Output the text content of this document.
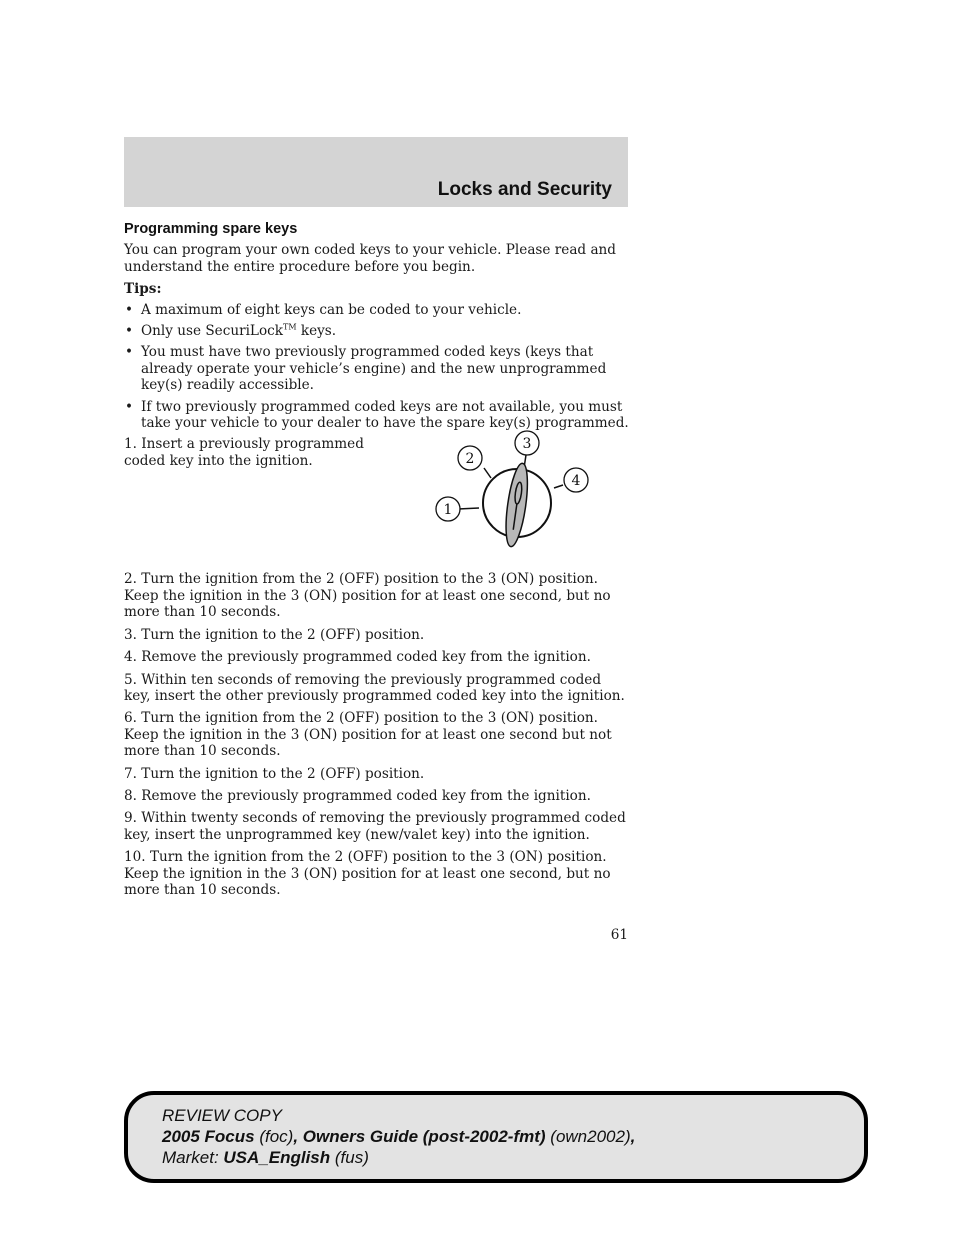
Locks and Security
Programming spare keys

You can program your own coded keys to your vehicle. Please read and understand the entire procedure before you begin.

Tips:

• A maximum of eight keys can be coded to your vehicle.
• Only use SecuriLock™ keys.
• You must have two previously programmed coded keys (keys that already operate your vehicle’s engine) and the new unprogrammed key(s) readily accessible.
• If two previously programmed coded keys are not available, you must take your vehicle to your dealer to have the spare key(s) programmed.

1. Insert a previously programmed coded key into the ignition.

1
2
3
4

2. Turn the ignition from the 2 (OFF) position to the 3 (ON) position. Keep the ignition in the 3 (ON) position for at least one second, but no more than 10 seconds.

3. Turn the ignition to the 2 (OFF) position.

4. Remove the previously programmed coded key from the ignition.

5. Within ten seconds of removing the previously programmed coded key, insert the other previously programmed coded key into the ignition.

6. Turn the ignition from the 2 (OFF) position to the 3 (ON) position. Keep the ignition in the 3 (ON) position for at least one second but not more than 10 seconds.

7. Turn the ignition to the 2 (OFF) position.

8. Remove the previously programmed coded key from the ignition.

9. Within twenty seconds of removing the previously programmed coded key, insert the unprogrammed key (new/valet key) into the ignition.

10. Turn the ignition from the 2 (OFF) position to the 3 (ON) position. Keep the ignition in the 3 (ON) position for at least one second, but no more than 10 seconds.

61
REVIEW COPY
2005 Focus (foc), Owners Guide (post-2002-fmt) (own2002),
Market: USA_English (fus)
